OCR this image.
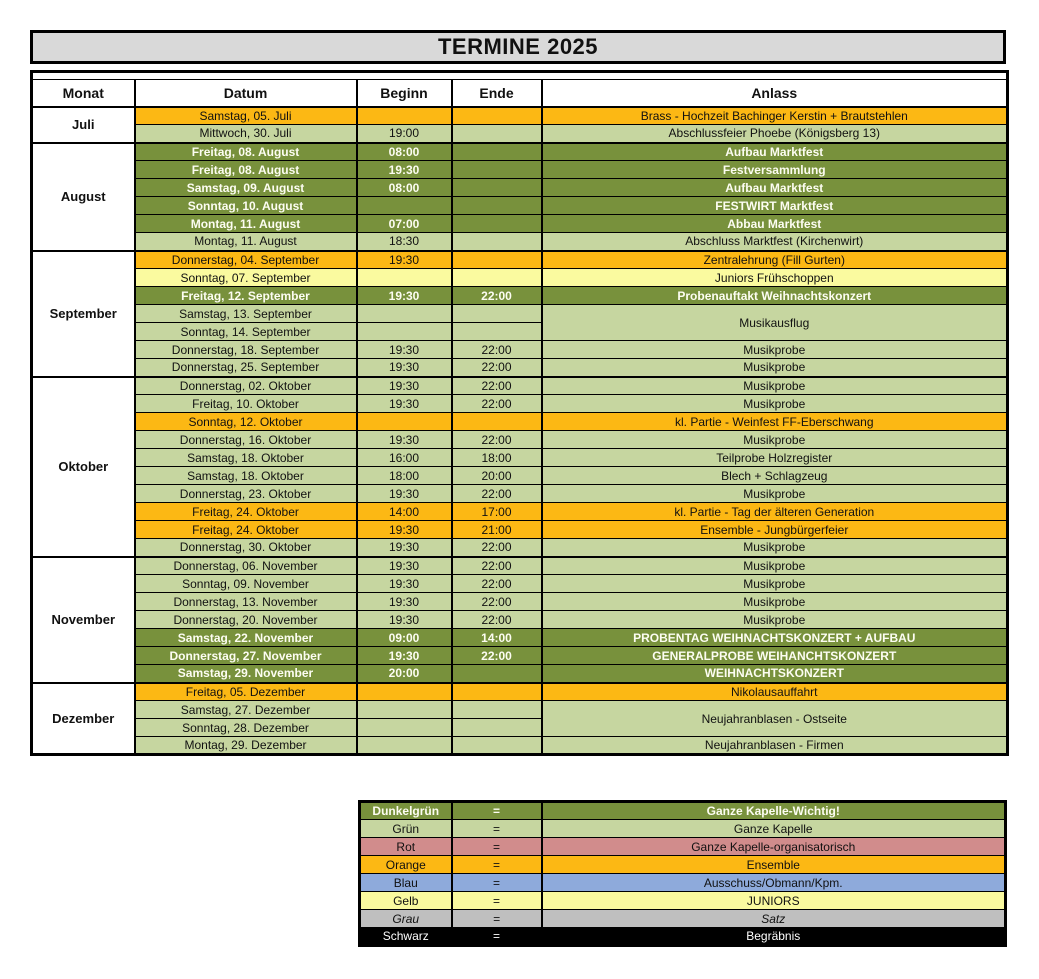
TERMINE 2025

Monat	Datum	Beginn	Ende	Anlass
Juli	Samstag, 05. Juli			Brass - Hochzeit Bachinger Kerstin + Brautstehlen
	Mittwoch, 30. Juli	19:00		Abschlussfeier Phoebe (Königsberg 13)
August	Freitag, 08. August	08:00		Aufbau Marktfest
	Freitag, 08. August	19:30		Festversammlung
	Samstag, 09. August	08:00		Aufbau Marktfest
	Sonntag, 10. August			FESTWIRT Marktfest
	Montag, 11. August	07:00		Abbau Marktfest
	Montag, 11. August	18:30		Abschluss Marktfest (Kirchenwirt)
September	Donnerstag, 04. September	19:30		Zentralehrung (Fill Gurten)
	Sonntag, 07. September			Juniors Frühschoppen
	Freitag, 12. September	19:30	22:00	Probenauftakt Weihnachtskonzert
	Samstag, 13. September			Musikausflug
	Sonntag, 14. September			
	Donnerstag, 18. September	19:30	22:00	Musikprobe
	Donnerstag, 25. September	19:30	22:00	Musikprobe
Oktober	Donnerstag, 02. Oktober	19:30	22:00	Musikprobe
	Freitag, 10. Oktober	19:30	22:00	Musikprobe
	Sonntag, 12. Oktober			kl. Partie - Weinfest FF-Eberschwang
	Donnerstag, 16. Oktober	19:30	22:00	Musikprobe
	Samstag, 18. Oktober	16:00	18:00	Teilprobe Holzregister
	Samstag, 18. Oktober	18:00	20:00	Blech + Schlagzeug
	Donnerstag, 23. Oktober	19:30	22:00	Musikprobe
	Freitag, 24. Oktober	14:00	17:00	kl. Partie - Tag der älteren Generation
	Freitag, 24. Oktober	19:30	21:00	Ensemble - Jungbürgerfeier
	Donnerstag, 30. Oktober	19:30	22:00	Musikprobe
November	Donnerstag, 06. November	19:30	22:00	Musikprobe
	Sonntag, 09. November	19:30	22:00	Musikprobe
	Donnerstag, 13. November	19:30	22:00	Musikprobe
	Donnerstag, 20. November	19:30	22:00	Musikprobe
	Samstag, 22. November	09:00	14:00	PROBENTAG WEIHNACHTSKONZERT + AUFBAU
	Donnerstag, 27. November	19:30	22:00	GENERALPROBE WEIHANCHTSKONZERT
	Samstag, 29. November	20:00		WEIHNACHTSKONZERT
Dezember	Freitag, 05. Dezember			Nikolausauffahrt
	Samstag, 27. Dezember			Neujahranblasen - Ostseite
	Sonntag, 28. Dezember			
	Montag, 29. Dezember			Neujahranblasen - Firmen
Dunkelgrün	=	Ganze Kapelle-Wichtig!
Grün	=	Ganze Kapelle
Rot	=	Ganze Kapelle-organisatorisch
Orange	=	Ensemble
Blau	=	Ausschuss/Obmann/Kpm.
Gelb	=	JUNIORS
Grau	=	Satz
Schwarz	=	Begräbnis
